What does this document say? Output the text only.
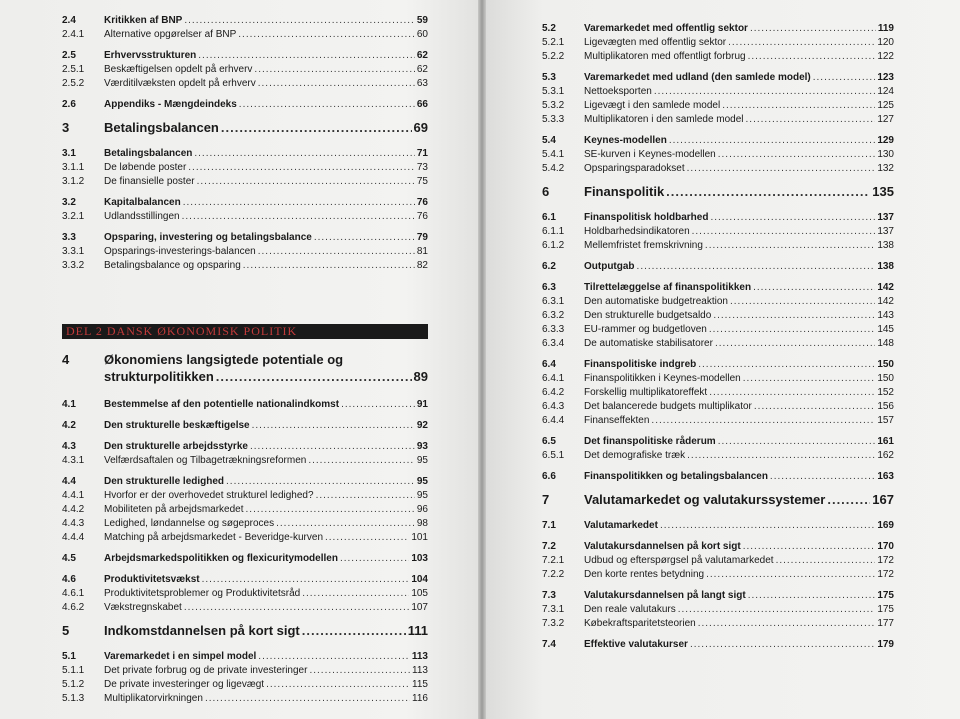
2.4	Kritikken af BNP .....	59
2.4.1	Alternative opgørelser af BNP .....	60
2.5	Erhvervsstrukturen .....	62
2.5.1	Beskæftigelsen opdelt på erhverv .....	62
2.5.2	Værditilvæksten opdelt på erhverv .....	63
2.6	Appendiks - Mængdeindeks .....	66
3	Betalingsbalancen .....	69
3.1	Betalingsbalancen .....	71
3.1.1	De løbende poster .....	73
3.1.2	De finansielle poster .....	75
3.2	Kapitalbalancen .....	76
3.2.1	Udlandsstillingen .....	76
3.3	Opsparing, investering og betalingsbalance .....	79
3.3.1	Opsparings-investerings-balancen .....	81
3.3.2	Betalingsbalance og opsparing .....	82
DEL 2 DANSK ØKONOMISK POLITIK
4	Økonomiens langsigtede potentiale og
strukturpolitikken .....	89
4.1	Bestemmelse af den potentielle nationalindkomst .....	91
4.2	Den strukturelle beskæftigelse .....	92
4.3	Den strukturelle arbejdsstyrke .....	93
4.3.1	Velfærdsaftalen og Tilbagetrækningsreformen .....	95
4.4	Den strukturelle ledighed .....	95
4.4.1	Hvorfor er der overhovedet strukturel ledighed? .....	95
4.4.2	Mobiliteten på arbejdsmarkedet .....	96
4.4.3	Ledighed, løndannelse og søgeproces .....	98
4.4.4	Matching på arbejdsmarkedet - Beveridge-kurven .....	101
4.5	Arbejdsmarkedspolitikken og flexicuritymodellen .....	103
4.6	Produktivitetsvækst .....	104
4.6.1	Produktivitetsproblemer og Produktivitetsråd .....	105
4.6.2	Vækstregnskabet .....	107
5	Indkomstdannelsen på kort sigt .....	111
5.1	Varemarkedet i en simpel model .....	113
5.1.1	Det private forbrug og de private investeringer .....	113
5.1.2	De private investeringer og ligevægt .....	115
5.1.3	Multiplikatorvirkningen .....	116
5.2	Varemarkedet med offentlig sektor .....	119
5.2.1	Ligevægten med offentlig sektor .....	120
5.2.2	Multiplikatoren med offentligt forbrug .....	122
5.3	Varemarkedet med udland (den samlede model) .....	123
5.3.1	Nettoeksporten .....	124
5.3.2	Ligevægt i den samlede model .....	125
5.3.3	Multiplikatoren i den samlede model .....	127
5.4	Keynes-modellen .....	129
5.4.1	SE-kurven i Keynes-modellen .....	130
5.4.2	Opsparingsparadokset .....	132
6	Finanspolitik .....	135
6.1	Finanspolitisk holdbarhed .....	137
6.1.1	Holdbarhedsindikatoren .....	137
6.1.2	Mellemfristet fremskrivning .....	138
6.2	Outputgab .....	138
6.3	Tilrettelæggelse af finanspolitikken .....	142
6.3.1	Den automatiske budgetreaktion .....	142
6.3.2	Den strukturelle budgetsaldo .....	143
6.3.3	EU-rammer og budgetloven .....	145
6.3.4	De automatiske stabilisatorer .....	148
6.4	Finanspolitiske indgreb .....	150
6.4.1	Finanspolitikken i Keynes-modellen .....	150
6.4.2	Forskellig multiplikatoreffekt .....	152
6.4.3	Det balancerede budgets multiplikator .....	156
6.4.4	Finanseffekten .....	157
6.5	Det finanspolitiske råderum .....	161
6.5.1	Det demografiske træk .....	162
6.6	Finanspolitikken og betalingsbalancen .....	163
7	Valutamarkedet og valutakurssystemer .....	167
7.1	Valutamarkedet .....	169
7.2	Valutakursdannelsen på kort sigt .....	170
7.2.1	Udbud og efterspørgsel på valutamarkedet .....	172
7.2.2	Den korte rentes betydning .....	172
7.3	Valutakursdannelsen på langt sigt .....	175
7.3.1	Den reale valutakurs .....	175
7.3.2	Købekraftsparitetsteorien .....	177
7.4	Effektive valutakurser .....	179
